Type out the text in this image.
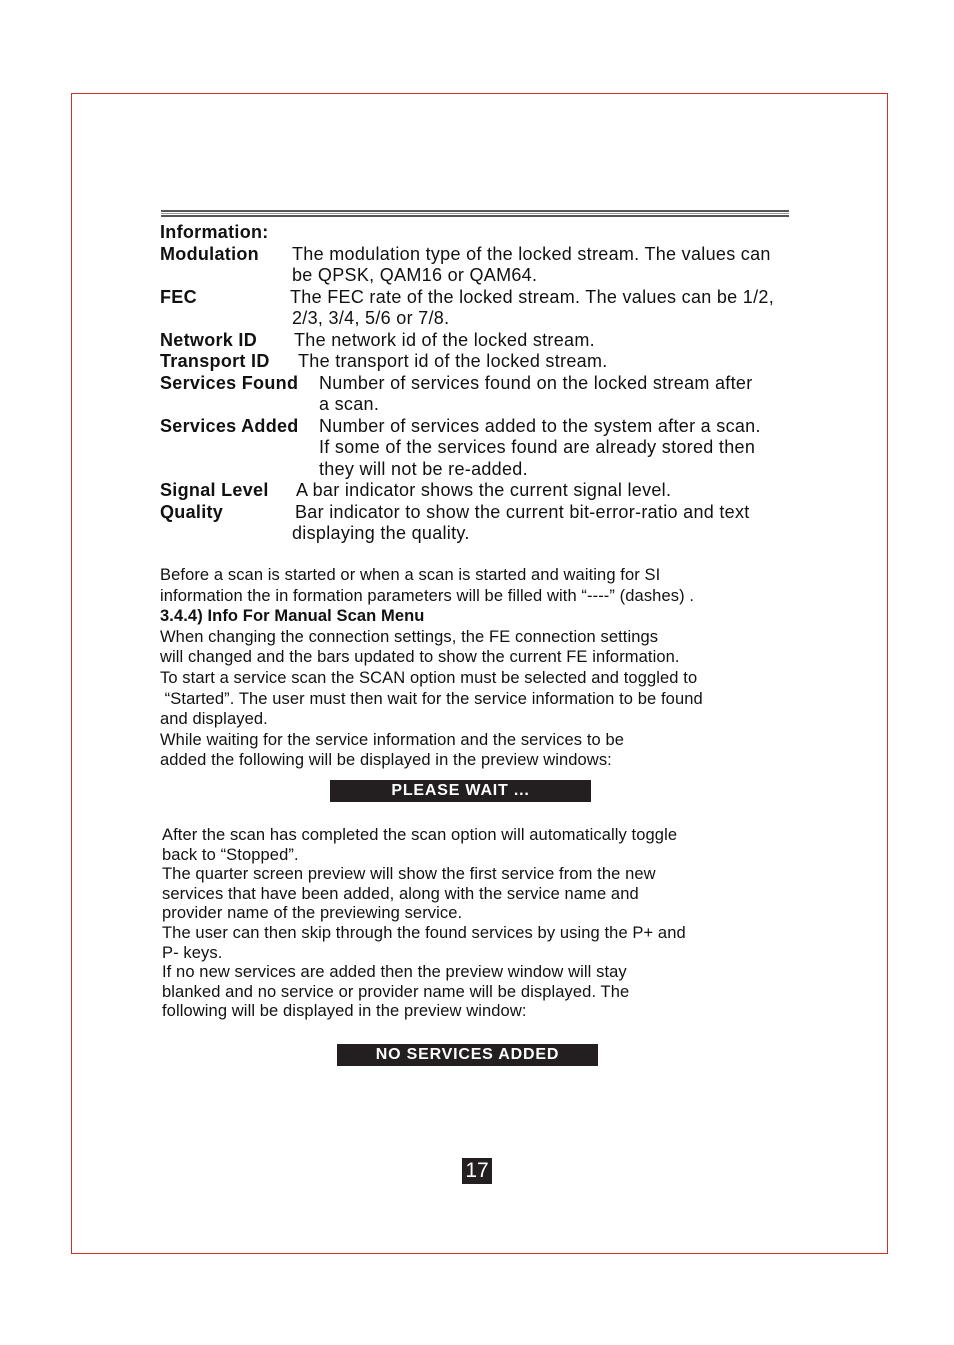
Information:
Modulation	The modulation type of the locked stream. The values can
be QPSK, QAM16 or QAM64.
FEC	The FEC rate of the locked stream. The values can be 1/2,
2/3, 3/4, 5/6 or 7/8.
Network ID	The network id of the locked stream.
Transport ID	The transport id of the locked stream.
Services Found	Number of services found on the locked stream after
a scan.
Services Added	Number of services added to the system after a scan.
If some of the services found are already stored then
they will not be re-added.
Signal Level	A bar indicator shows the current signal level.
Quality	Bar indicator to show the current bit-error-ratio and text
displaying the quality.
Before a scan is started or when a scan is started and waiting for SI
information the in formation parameters will be filled with “----” (dashes) .
3.4.4) Info For Manual Scan Menu
When changing the connection settings, the FE connection settings
will changed and the bars updated to show the current FE information.
To start a service scan the SCAN option must be selected and toggled to
“Started”. The user must then wait for the service information to be found
and displayed.
While waiting for the service information and the services to be
added the following will be displayed in the preview windows:
PLEASE WAIT ...
After the scan has completed the scan option will automatically toggle
back to “Stopped”.
The quarter screen preview will show the first service from the new
services that have been added, along with the service name and
provider name of the previewing service.
The user can then skip through the found services by using the P+ and
P- keys.
If no new services are added then the preview window will stay
blanked and no service or provider name will be displayed. The
following will be displayed in the preview window:
NO SERVICES ADDED
17
